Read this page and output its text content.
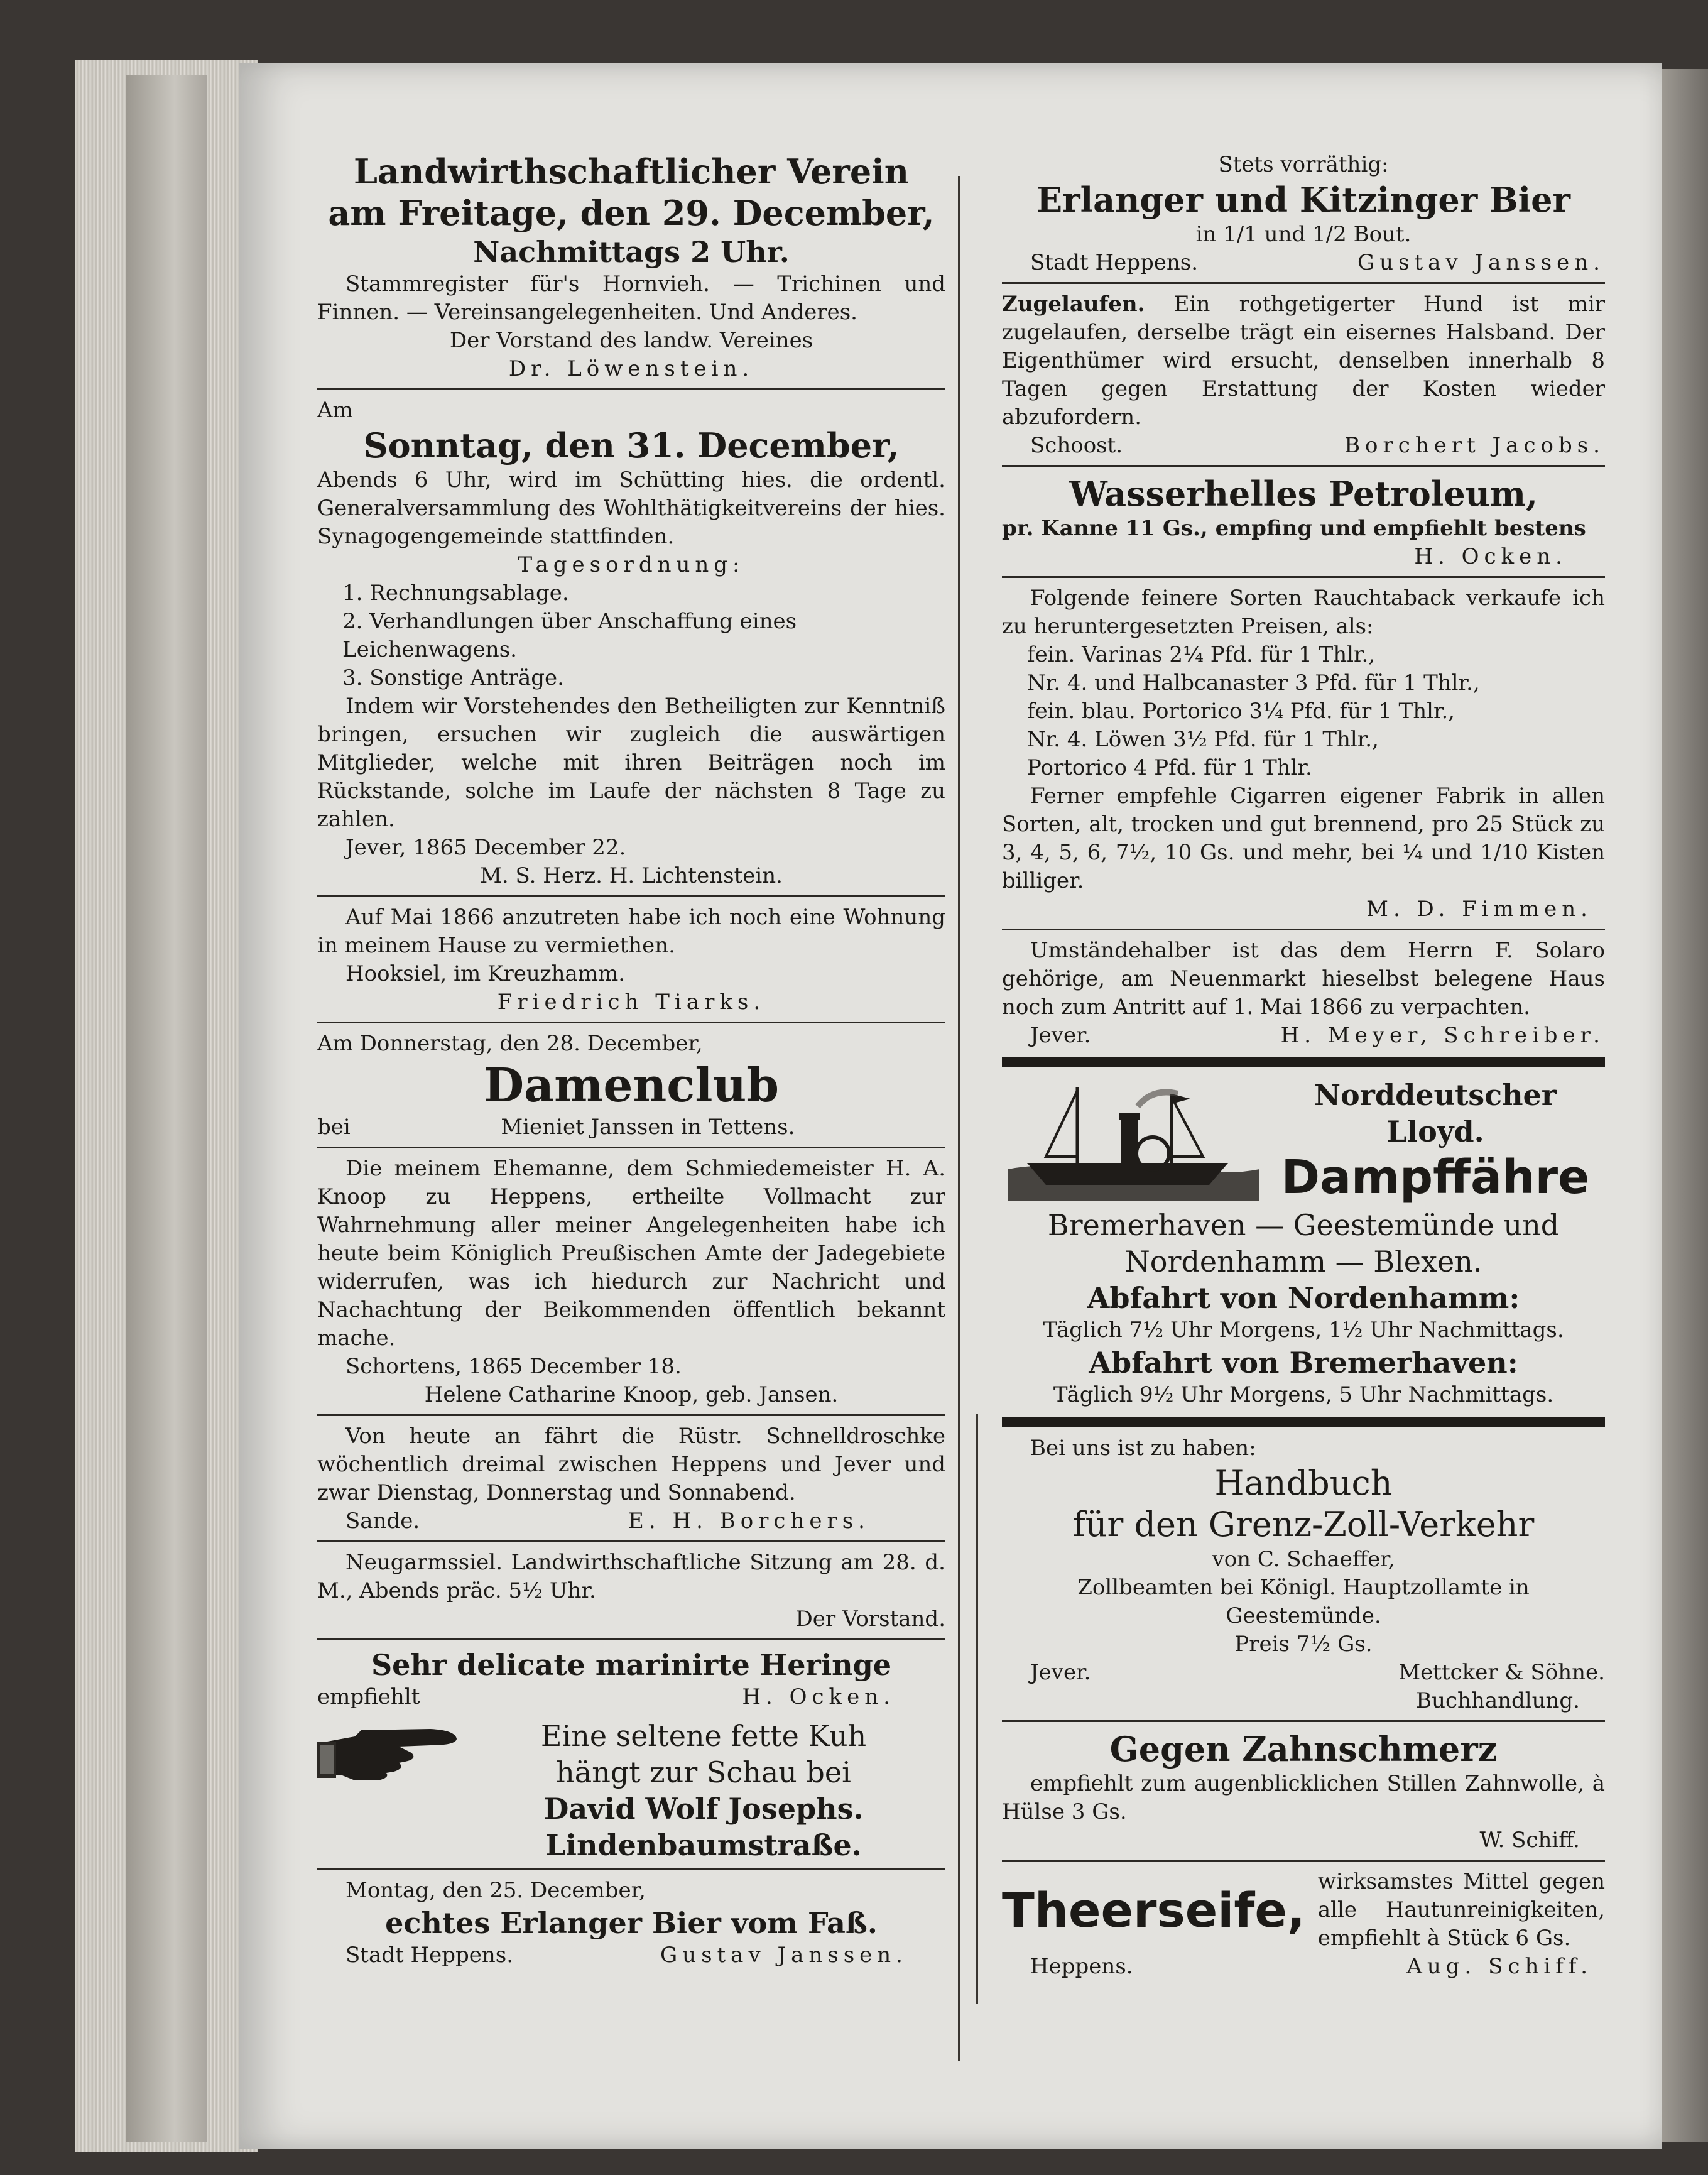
Landwirthschaftlicher Verein
am Freitage, den 29. December,
Nachmittags 2 Uhr.
Stammregister für's Hornvieh. — Trichinen und Finnen. — Vereinsangelegenheiten. Und Anderes.
Der Vorstand des landw. Vereines
Dr. Löwenstein.
Am
Sonntag, den 31. December,
Abends 6 Uhr, wird im Schütting hies. die ordentl. Generalversammlung des Wohlthätigkeitvereins der hies. Synagogengemeinde stattfinden.
Tagesordnung:
1. Rechnungsablage.
2. Verhandlungen über Anschaffung eines Leichenwagens.
3. Sonstige Anträge.
Indem wir Vorstehendes den Betheiligten zur Kenntniß bringen, ersuchen wir zugleich die auswärtigen Mitglieder, welche mit ihren Beiträgen noch im Rückstande, solche im Laufe der nächsten 8 Tage zu zahlen.
Jever, 1865 December 22.
M. S. Herz. H. Lichtenstein.
Auf Mai 1866 anzutreten habe ich noch eine Wohnung in meinem Hause zu vermiethen.
Hooksiel, im Kreuzhamm.
Friedrich Tiarks.
Am Donnerstag, den 28. December,
Damenclub
bei	Mieniet Janssen in Tettens.
Die meinem Ehemanne, dem Schmiedemeister H. A. Knoop zu Heppens, ertheilte Vollmacht zur Wahrnehmung aller meiner Angelegenheiten habe ich heute beim Königlich Preußischen Amte der Jadegebiete widerrufen, was ich hiedurch zur Nachricht und Nachachtung der Beikommenden öffentlich bekannt mache.
Schortens, 1865 December 18.
Helene Catharine Knoop, geb. Jansen.
Von heute an fährt die Rüstr. Schnelldroschke wöchentlich dreimal zwischen Heppens und Jever und zwar Dienstag, Donnerstag und Sonnabend.
Sande.	E. H. Borchers.
Neugarmssiel. Landwirthschaftliche Sitzung am 28. d. M., Abends präc. 5½ Uhr.
Der Vorstand.
Sehr delicate marinirte Heringe
empfiehlt	H. Ocken.
Eine seltene fette Kuh
hängt zur Schau bei
David Wolf Josephs.
Lindenbaumstraße.
Montag, den 25. December,
echtes Erlanger Bier vom Faß.
Stadt Heppens.	Gustav Janssen.
Stets vorräthig:
Erlanger und Kitzinger Bier
in 1/1 und 1/2 Bout.
Stadt Heppens.	Gustav Janssen.
Zugelaufen. Ein rothgetigerter Hund ist mir zugelaufen, derselbe trägt ein eisernes Halsband. Der Eigenthümer wird ersucht, denselben innerhalb 8 Tagen gegen Erstattung der Kosten wieder abzufordern.
Schoost.	Borchert Jacobs.
Wasserhelles Petroleum,
pr. Kanne 11 Gs., empfing und empfiehlt bestens
H. Ocken.
Folgende feinere Sorten Rauchtaback verkaufe ich zu heruntergesetzten Preisen, als:
fein. Varinas 2¼ Pfd. für 1 Thlr.,
Nr. 4. und Halbcanaster 3 Pfd. für 1 Thlr.,
fein. blau. Portorico 3¼ Pfd. für 1 Thlr.,
Nr. 4. Löwen 3½ Pfd. für 1 Thlr.,
Portorico 4 Pfd. für 1 Thlr.
Ferner empfehle Cigarren eigener Fabrik in allen Sorten, alt, trocken und gut brennend, pro 25 Stück zu 3, 4, 5, 6, 7½, 10 Gs. und mehr, bei ¼ und 1/10 Kisten billiger.
M. D. Fimmen.
Umständehalber ist das dem Herrn F. Solaro gehörige, am Neuenmarkt hieselbst belegene Haus noch zum Antritt auf 1. Mai 1866 zu verpachten.
Jever.	H. Meyer, Schreiber.
Norddeutscher
Lloyd.
Dampffähre
Bremerhaven — Geestemünde und
Nordenhamm — Blexen.
Abfahrt von Nordenhamm:
Täglich 7½ Uhr Morgens, 1½ Uhr Nachmittags.
Abfahrt von Bremerhaven:
Täglich 9½ Uhr Morgens, 5 Uhr Nachmittags.
Bei uns ist zu haben:
Handbuch
für den Grenz-Zoll-Verkehr
von C. Schaeffer,
Zollbeamten bei Königl. Hauptzollamte in Geestemünde.
Preis 7½ Gs.
Jever.	Mettcker & Söhne.
Buchhandlung.
Gegen Zahnschmerz
empfiehlt zum augenblicklichen Stillen Zahnwolle, à Hülse 3 Gs.
W. Schiff.
Theerseife,
wirksamstes Mittel gegen alle Hautunreinigkeiten, empfiehlt à Stück 6 Gs.
Heppens.	Aug. Schiff.
